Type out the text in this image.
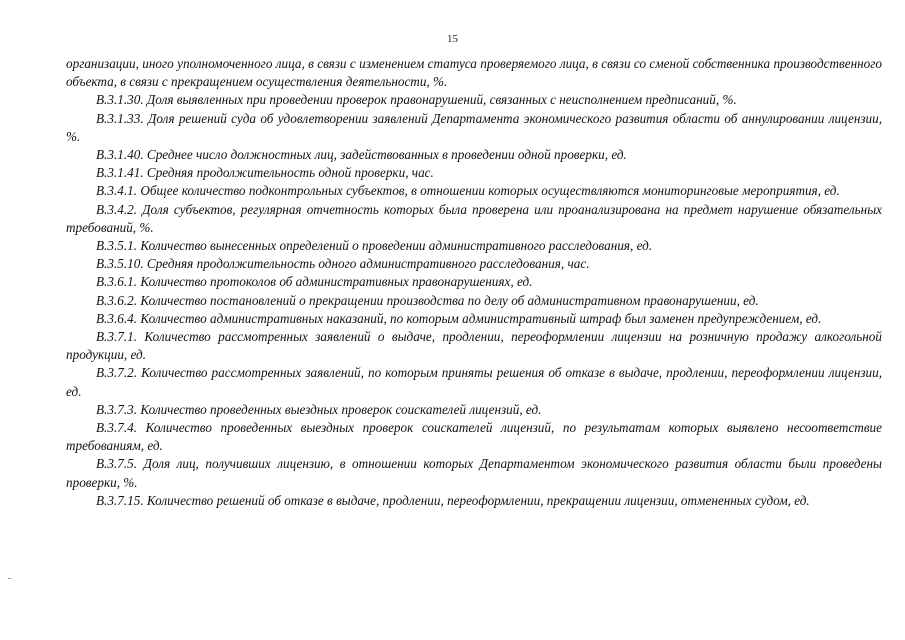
15

организации, иного уполномоченного лица, в связи с изменением статуса проверяемого лица, в связи со сменой собственника производственного объекта, в связи с прекращением осуществления деятельности, %.

В.3.1.30. Доля выявленных при проведении проверок правонарушений, связанных с неисполнением предписаний, %.

В.3.1.33. Доля решений суда об удовлетворении заявлений Департамента экономического развития области об аннулировании лицензии, %.

В.3.1.40. Среднее число должностных лиц, задействованных в проведении одной проверки, ед.

В.3.1.41. Средняя продолжительность одной проверки, час.

В.3.4.1. Общее количество подконтрольных субъектов, в отношении которых осуществляются мониторинговые мероприятия, ед.

В.3.4.2. Доля субъектов, регулярная отчетность которых была проверена или проанализирована на предмет нарушение обязательных требований, %.

В.3.5.1. Количество вынесенных определений о проведении административного расследования, ед.

В.3.5.10. Средняя продолжительность одного административного расследования, час.

В.3.6.1. Количество протоколов об административных правонарушениях, ед.

В.3.6.2. Количество постановлений о прекращении производства по делу об административном правонарушении, ед.

В.3.6.4. Количество административных наказаний, по которым административный штраф был заменен предупреждением, ед.

В.3.7.1. Количество рассмотренных заявлений о выдаче, продлении, переоформлении лицензии на розничную продажу алкогольной продукции, ед.

В.3.7.2. Количество рассмотренных заявлений, по которым приняты решения об отказе в выдаче, продлении, переоформлении лицензии, ед.

В.3.7.3. Количество проведенных выездных проверок соискателей лицензий, ед.

В.3.7.4. Количество проведенных выездных проверок соискателей лицензий, по результатам которых выявлено несоответствие требованиям, ед.

В.3.7.5. Доля лиц, получивших лицензию, в отношении которых Департаментом экономического развития области были проведены проверки, %.

В.3.7.15. Количество решений об отказе в выдаче, продлении, переоформлении, прекращении лицензии, отмененных судом, ед.
